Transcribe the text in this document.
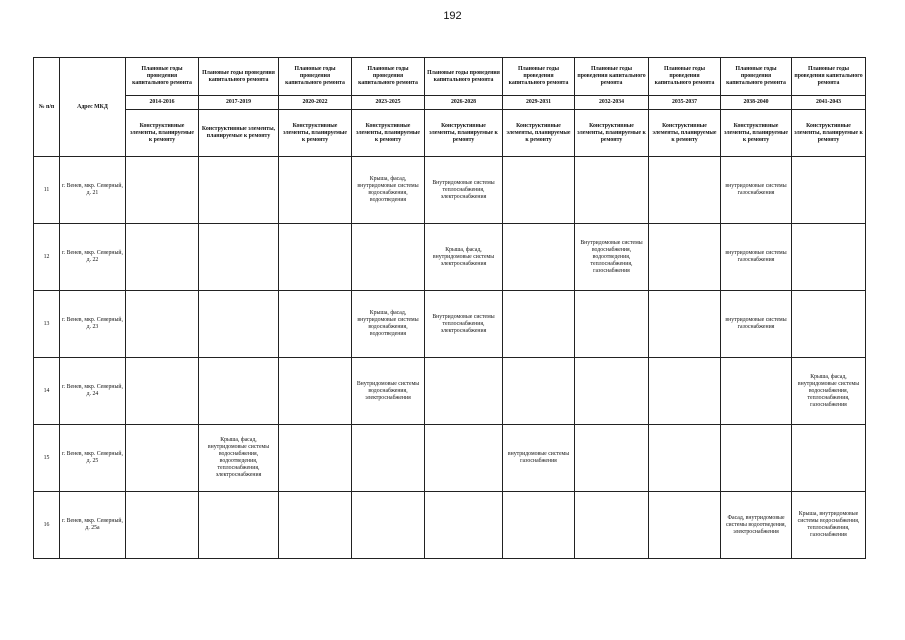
192
№ п/п	Адрес МКД	Плановые годы проведения капитального ремонта	Плановые годы проведения капитального ремонта	Плановые годы проведения капитального ремонта	Плановые годы проведения капитального ремонта	Плановые годы проведения капитального ремонта	Плановые годы проведения капитального ремонта	Плановые годы проведения капитального ремонта	Плановые годы проведения капитального ремонта	Плановые годы проведения капитального ремонта	Плановые годы проведения капитального ремонта
		2014-2016	2017-2019	2020-2022	2023-2025	2026-2028	2029-2031	2032-2034	2035-2037	2038-2040	2041-2043
		Конструктивные элементы, планируемые к ремонту	Конструктивные элементы, планируемые к ремонту	Конструктивные элементы, планируемые к ремонту	Конструктивные элементы, планируемые к ремонту	Конструктивные элементы, планируемые к ремонту	Конструктивные элементы, планируемые к ремонту	Конструктивные элементы, планируемые к ремонту	Конструктивные элементы, планируемые к ремонту	Конструктивные элементы, планируемые к ремонту	Конструктивные элементы, планируемые к ремонту
11	г. Венев, мкр. Северный, д. 21				Крыша, фасад, внутридомовые системы водоснабжения, водоотведения	Внутридомовые системы теплоснабжения, электроснабжения				внутридомовые системы газоснабжения	
12	г. Венев, мкр. Северный, д. 22					Крыша, фасад, внутридомовые системы электроснабжения		Внутридомовые системы водоснабжения, водоотведения, теплоснабжения, газоснабжения		внутридомовые системы газоснабжения	
13	г. Венев, мкр. Северный, д. 23				Крыша, фасад, внутридомовые системы водоснабжения, водоотведения	Внутридомовые системы теплоснабжения, электроснабжения				внутридомовые системы газоснабжения	
14	г. Венев, мкр. Северный, д. 24				Внутридомовые системы водоснабжения, электроснабжения						Крыша, фасад, внутридомовые системы водоснабжения, теплоснабжения, газоснабжения
15	г. Венев, мкр. Северный, д. 25		Крыша, фасад, внутридомовые системы водоснабжения, водоотведения, теплоснабжения, электроснабжения				внутридомовые системы газоснабжения				
16	г. Венев, мкр. Северный, д. 25а									Фасад, внутридомовые системы водоотведения, электроснабжения	Крыша, внутридомовые системы водоснабжения, теплоснабжения, газоснабжения
